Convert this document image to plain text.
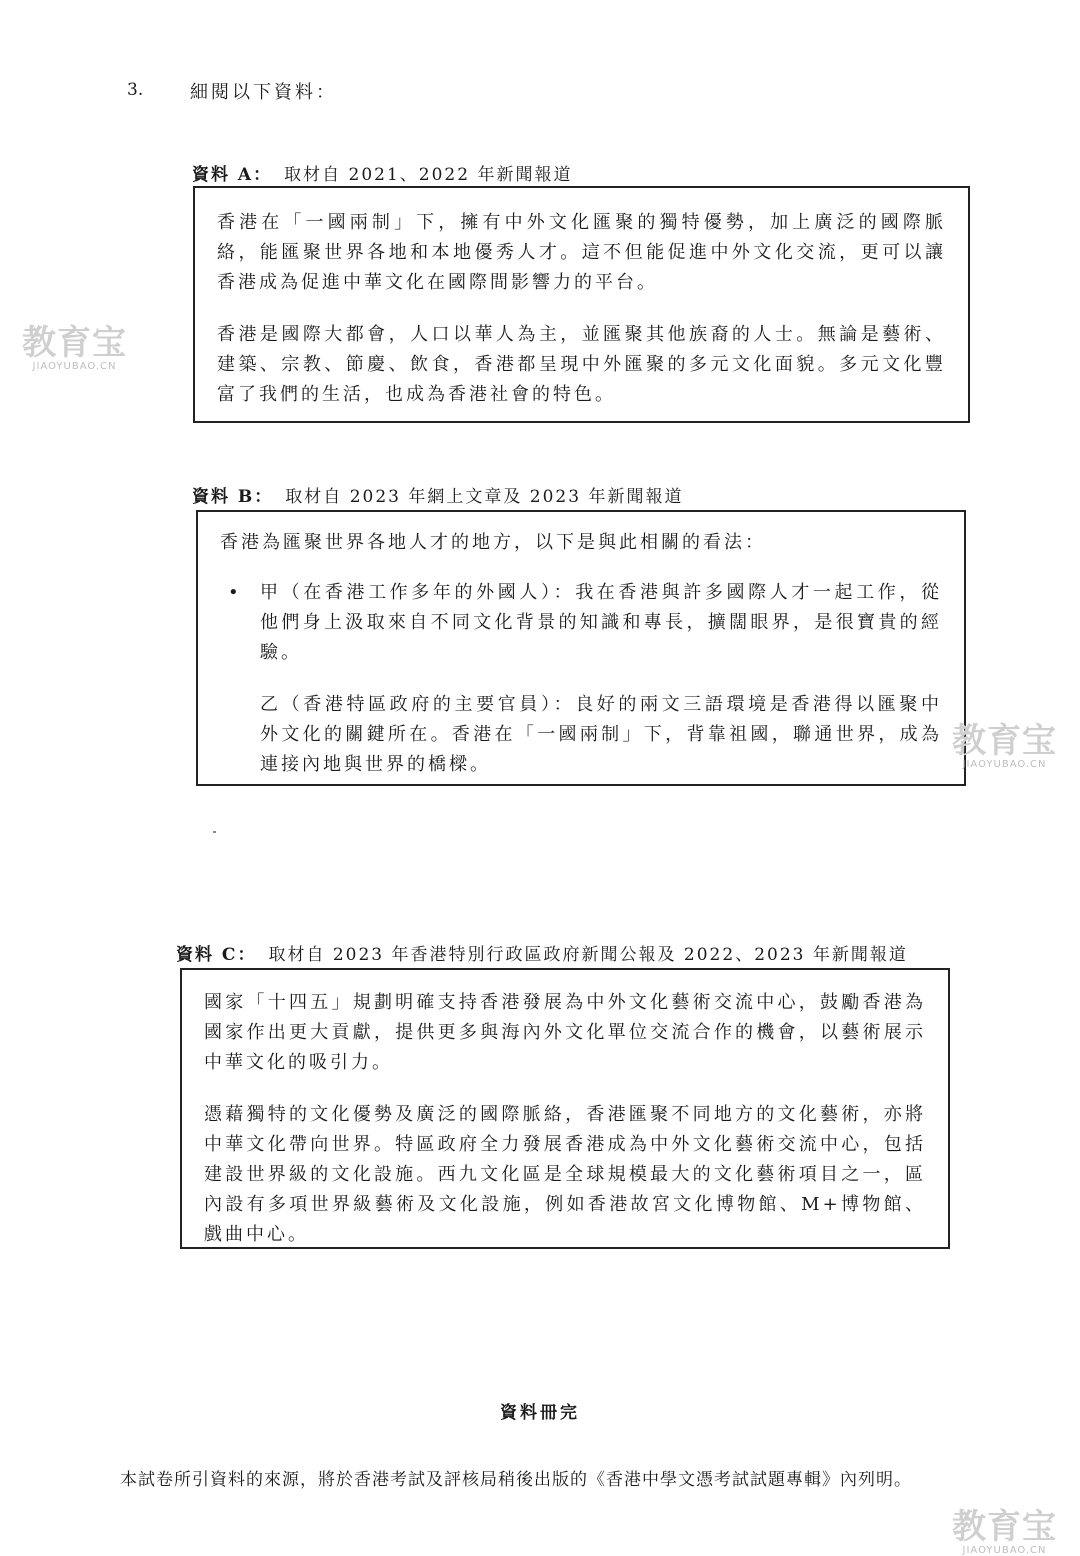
3.	細閱以下資料：
資料 A： 取材自 2021、2022 年新聞報道

香港在「一國兩制」下，擁有中外文化匯聚的獨特優勢，加上廣泛的國際脈絡，能匯聚世界各地和本地優秀人才。這不但能促進中外文化交流，更可以讓香港成為促進中華文化在國際間影響力的平台。

香港是國際大都會，人口以華人為主，並匯聚其他族裔的人士。無論是藝術、建築、宗教、節慶、飲食，香港都呈現中外匯聚的多元文化面貌。多元文化豐富了我們的生活，也成為香港社會的特色。

資料 B： 取材自 2023 年網上文章及 2023 年新聞報道

香港為匯聚世界各地人才的地方，以下是與此相關的看法：

• 甲（在香港工作多年的外國人）：我在香港與許多國際人才一起工作，從他們身上汲取來自不同文化背景的知識和專長，擴闊眼界，是很寶貴的經驗。

乙（香港特區政府的主要官員）：良好的兩文三語環境是香港得以匯聚中外文化的關鍵所在。香港在「一國兩制」下，背靠祖國，聯通世界，成為連接內地與世界的橋樑。

資料 C： 取材自 2023 年香港特別行政區政府新聞公報及 2022、2023 年新聞報道

國家「十四五」規劃明確支持香港發展為中外文化藝術交流中心，鼓勵香港為國家作出更大貢獻，提供更多與海內外文化單位交流合作的機會，以藝術展示中華文化的吸引力。

憑藉獨特的文化優勢及廣泛的國際脈絡，香港匯聚不同地方的文化藝術，亦將中華文化帶向世界。特區政府全力發展香港成為中外文化藝術交流中心，包括建設世界級的文化設施。西九文化區是全球規模最大的文化藝術項目之一，區內設有多項世界級藝術及文化設施，例如香港故宮文化博物館、M+博物館、戲曲中心。

資料冊完
本試卷所引資料的來源，將於香港考試及評核局稍後出版的《香港中學文憑考試試題專輯》內列明。
教育宝
JIAOYUBAO.CN
教育宝
JIAOYUBAO.CN
教育宝
JIAOYUBAO.CN
